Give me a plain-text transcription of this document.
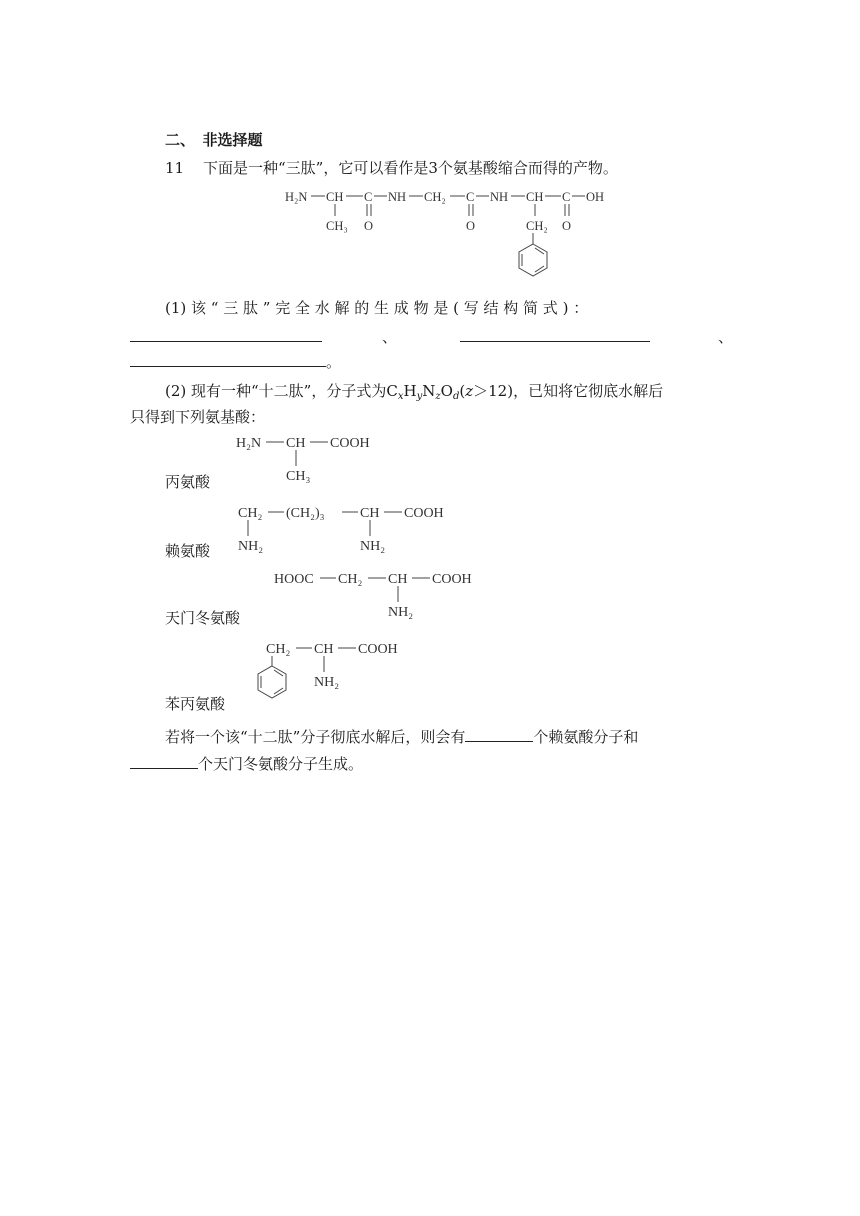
二、　非选择题
11 下面是一种“三肽”，它可以看作是3个氨基酸缩合而得的产物。
H₂N CH C NH CH₂ C NH CH C OH
CH₃ O	O	CH₂ O
(1) 该 “ 三 肽 ” 完 全 水 解 的 生 成 物 是 ( 写 结 构 简 式 ) ：
、	、
。
(2) 现有一种“十二肽”，分子式为$C_xH_yN_zO_d(z>12)$，已知将它彻底水解后
只得到下列氨基酸：
H₂N CH COOH
CH₃
丙氨酸
CH₂ (CH₂)₃	CH COOH
NH₂	NH₂
赖氨酸
HOOC CH₂ CH COOH
NH₂
天门冬氨酸
CH₂ CH COOH
NH₂
苯丙氨酸
若将一个该“十二肽”分子彻底水解后，则会有	个赖氨酸分子和
个天门冬氨酸分子生成。
